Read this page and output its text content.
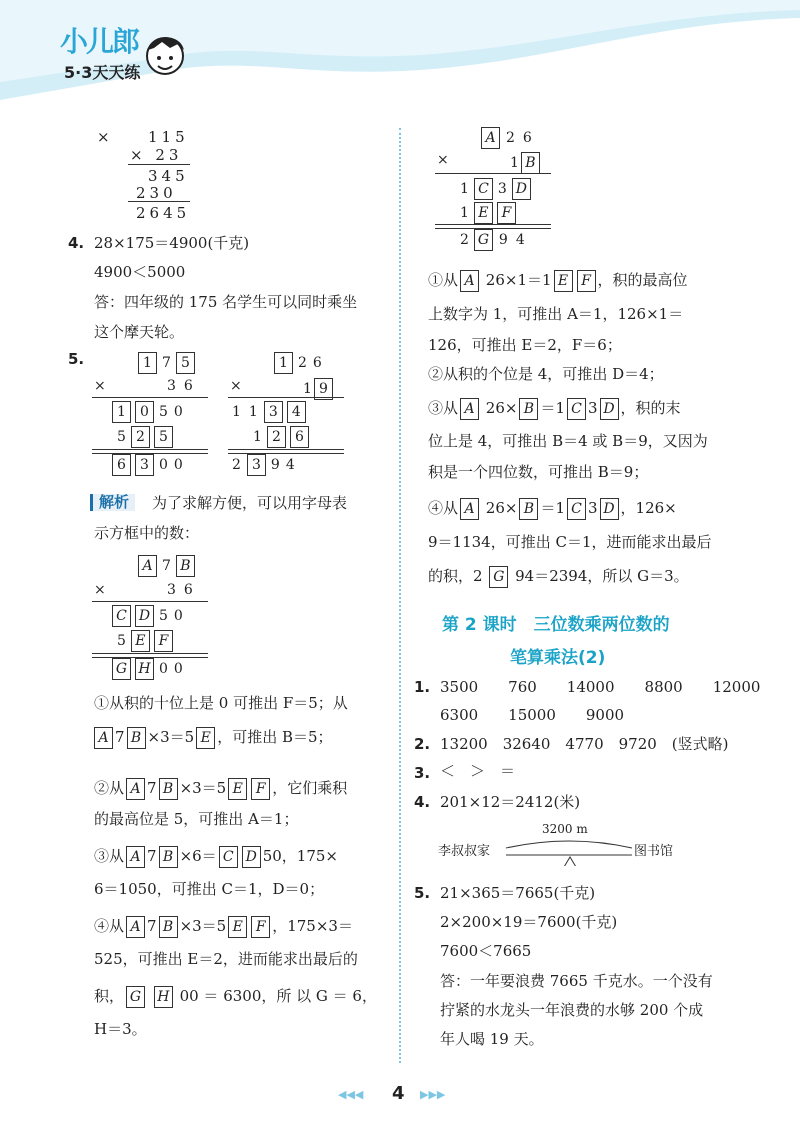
小儿郎
5·3天天练
×	115
× 23
345
230
2645
4. 28×175＝4900(千克)
4900＜5000
答：四年级的 175 名学生可以同时乘坐
这个摩天轮。
5.	1 7 5
×	36
1 0 5 0
5 2 5
6 3 0 0
1 2 6
×	1 9
1 1 3 4
1 2 6
2 3 9 4
解析	为了求解方便，可以用字母表
示方框中的数：
A 7 B
×	36
C D 5 0
5 E F
G H 0 0
①从积的十位上是 0 可推出 F＝5；从
A 7 B ×3＝5 E ，可推出 B＝5；
②从 A 7 B ×3＝5 E F ，它们乘积
的最高位是 5，可推出 A＝1；
③从 A 7 B ×6＝ C D 50，175×
6＝1050，可推出 C＝1，D＝0；
④从 A 7 B ×3＝5 E F ，175×3＝
525，可推出 E＝2，进而能求出最后的
积， G H 00 ＝ 6300，所 以 G ＝ 6，
H＝3。
A 2 6
×	1 B
1 C 3 D
1 E F
2 G 9 4
①从 A 26×1＝1 E F ，积的最高位
上数字为 1，可推出 A＝1，126×1＝
126，可推出 E＝2，F＝6；
②从积的个位是 4，可推出 D＝4；
③从 A 26× B ＝1 C 3 D ，积的末
位上是 4，可推出 B＝4 或 B＝9，又因为
积是一个四位数，可推出 B＝9；
④从 A 26× B ＝1 C 3 D ，126×
9＝1134，可推出 C＝1，进而能求出最后
的积，2 G 94＝2394，所以 G＝3。
第 2 课时　三位数乘两位数的
笔算乘法(2)
1. 3500　　760　　14000　　8800　　12000
6300　　15000　　9000
2. 13200　32640　4770　9720　(竖式略)
3. ＜　＞　＝
4. 201×12＝2412(米)
李叔叔家	图书馆
3200 m
5. 21×365＝7665(千克)
2×200×19＝7600(千克)
7600＜7665
答：一年要浪费 7665 千克水。一个没有
拧紧的水龙头一年浪费的水够 200 个成
年人喝 19 天。
◀◀◀ 4 ▶▶▶
